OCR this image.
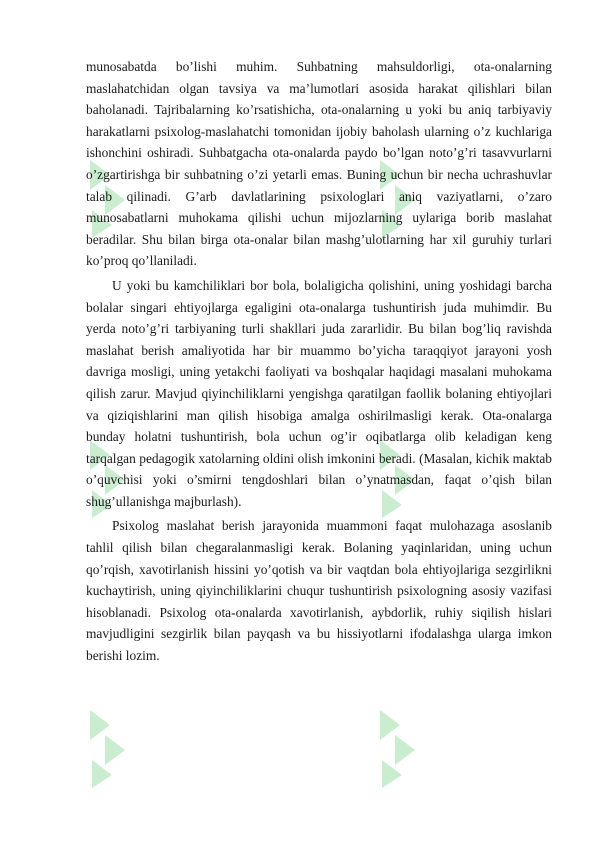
munosabatda bo’lishi muhim. Suhbatning mahsuldorligi, ota-onalarning maslahatchidan olgan tavsiya va ma’lumotlari asosida harakat qilishlari bilan baholanadi. Tajribalarning ko’rsatishicha, ota-onalarning u yoki bu aniq tarbiyaviy harakatlarni psixolog-maslahatchi tomonidan ijobiy baholash ularning o’z kuchlariga ishonchini oshiradi. Suhbatgacha ota-onalarda paydo bo’lgan noto’g’ri tasavvurlarni o’zgartirishga bir suhbatning o’zi yetarli emas. Buning uchun bir necha uchrashuvlar talab qilinadi. G’arb davlatlarining psixologlari aniq vaziyatlarni, o’zaro munosabatlarni muhokama qilishi uchun mijozlarning uylariga borib maslahat beradilar. Shu bilan birga ota-onalar bilan mashg’ulotlarning har xil guruhiy turlari ko’proq qo’llaniladi.

U yoki bu kamchiliklari bor bola, bolaligicha qolishini, uning yoshidagi barcha bolalar singari ehtiyojlarga egaligini ota-onalarga tushuntirish juda muhimdir. Bu yerda noto’g’ri tarbiyaning turli shakllari juda zararlidir. Bu bilan bog’liq ravishda maslahat berish amaliyotida har bir muammo bo’yicha taraqqiyot jarayoni yosh davriga mosligi, uning yetakchi faoliyati va boshqalar haqidagi masalani muhokama qilish zarur. Mavjud qiyinchiliklarni yengishga qaratilgan faollik bolaning ehtiyojlari va qiziqishlarini man qilish hisobiga amalga oshirilmasligi kerak. Ota-onalarga bunday holatni tushuntirish, bola uchun og’ir oqibatlarga olib keladigan keng tarqalgan pedagogik xatolarning oldini olish imkonini beradi. (Masalan, kichik maktab o’quvchisi yoki o’smirni tengdoshlari bilan o’ynatmasdan, faqat o’qish bilan shug’ullanishga majburlash).

Psixolog maslahat berish jarayonida muammoni faqat mulohazaga asoslanib tahlil qilish bilan chegaralanmasligi kerak. Bolaning yaqinlaridan, uning uchun qo’rqish, xavotirlanish hissini yo’qotish va bir vaqtdan bola ehtiyojlariga sezgirlikni kuchaytirish, uning qiyinchiliklarini chuqur tushuntirish psixologning asosiy vazifasi hisoblanadi. Psixolog ota-onalarda xavotirlanish, aybdorlik, ruhiy siqilish hislari mavjudligini sezgirlik bilan payqash va bu hissiyotlarni ifodalashga ularga imkon berishi lozim.
